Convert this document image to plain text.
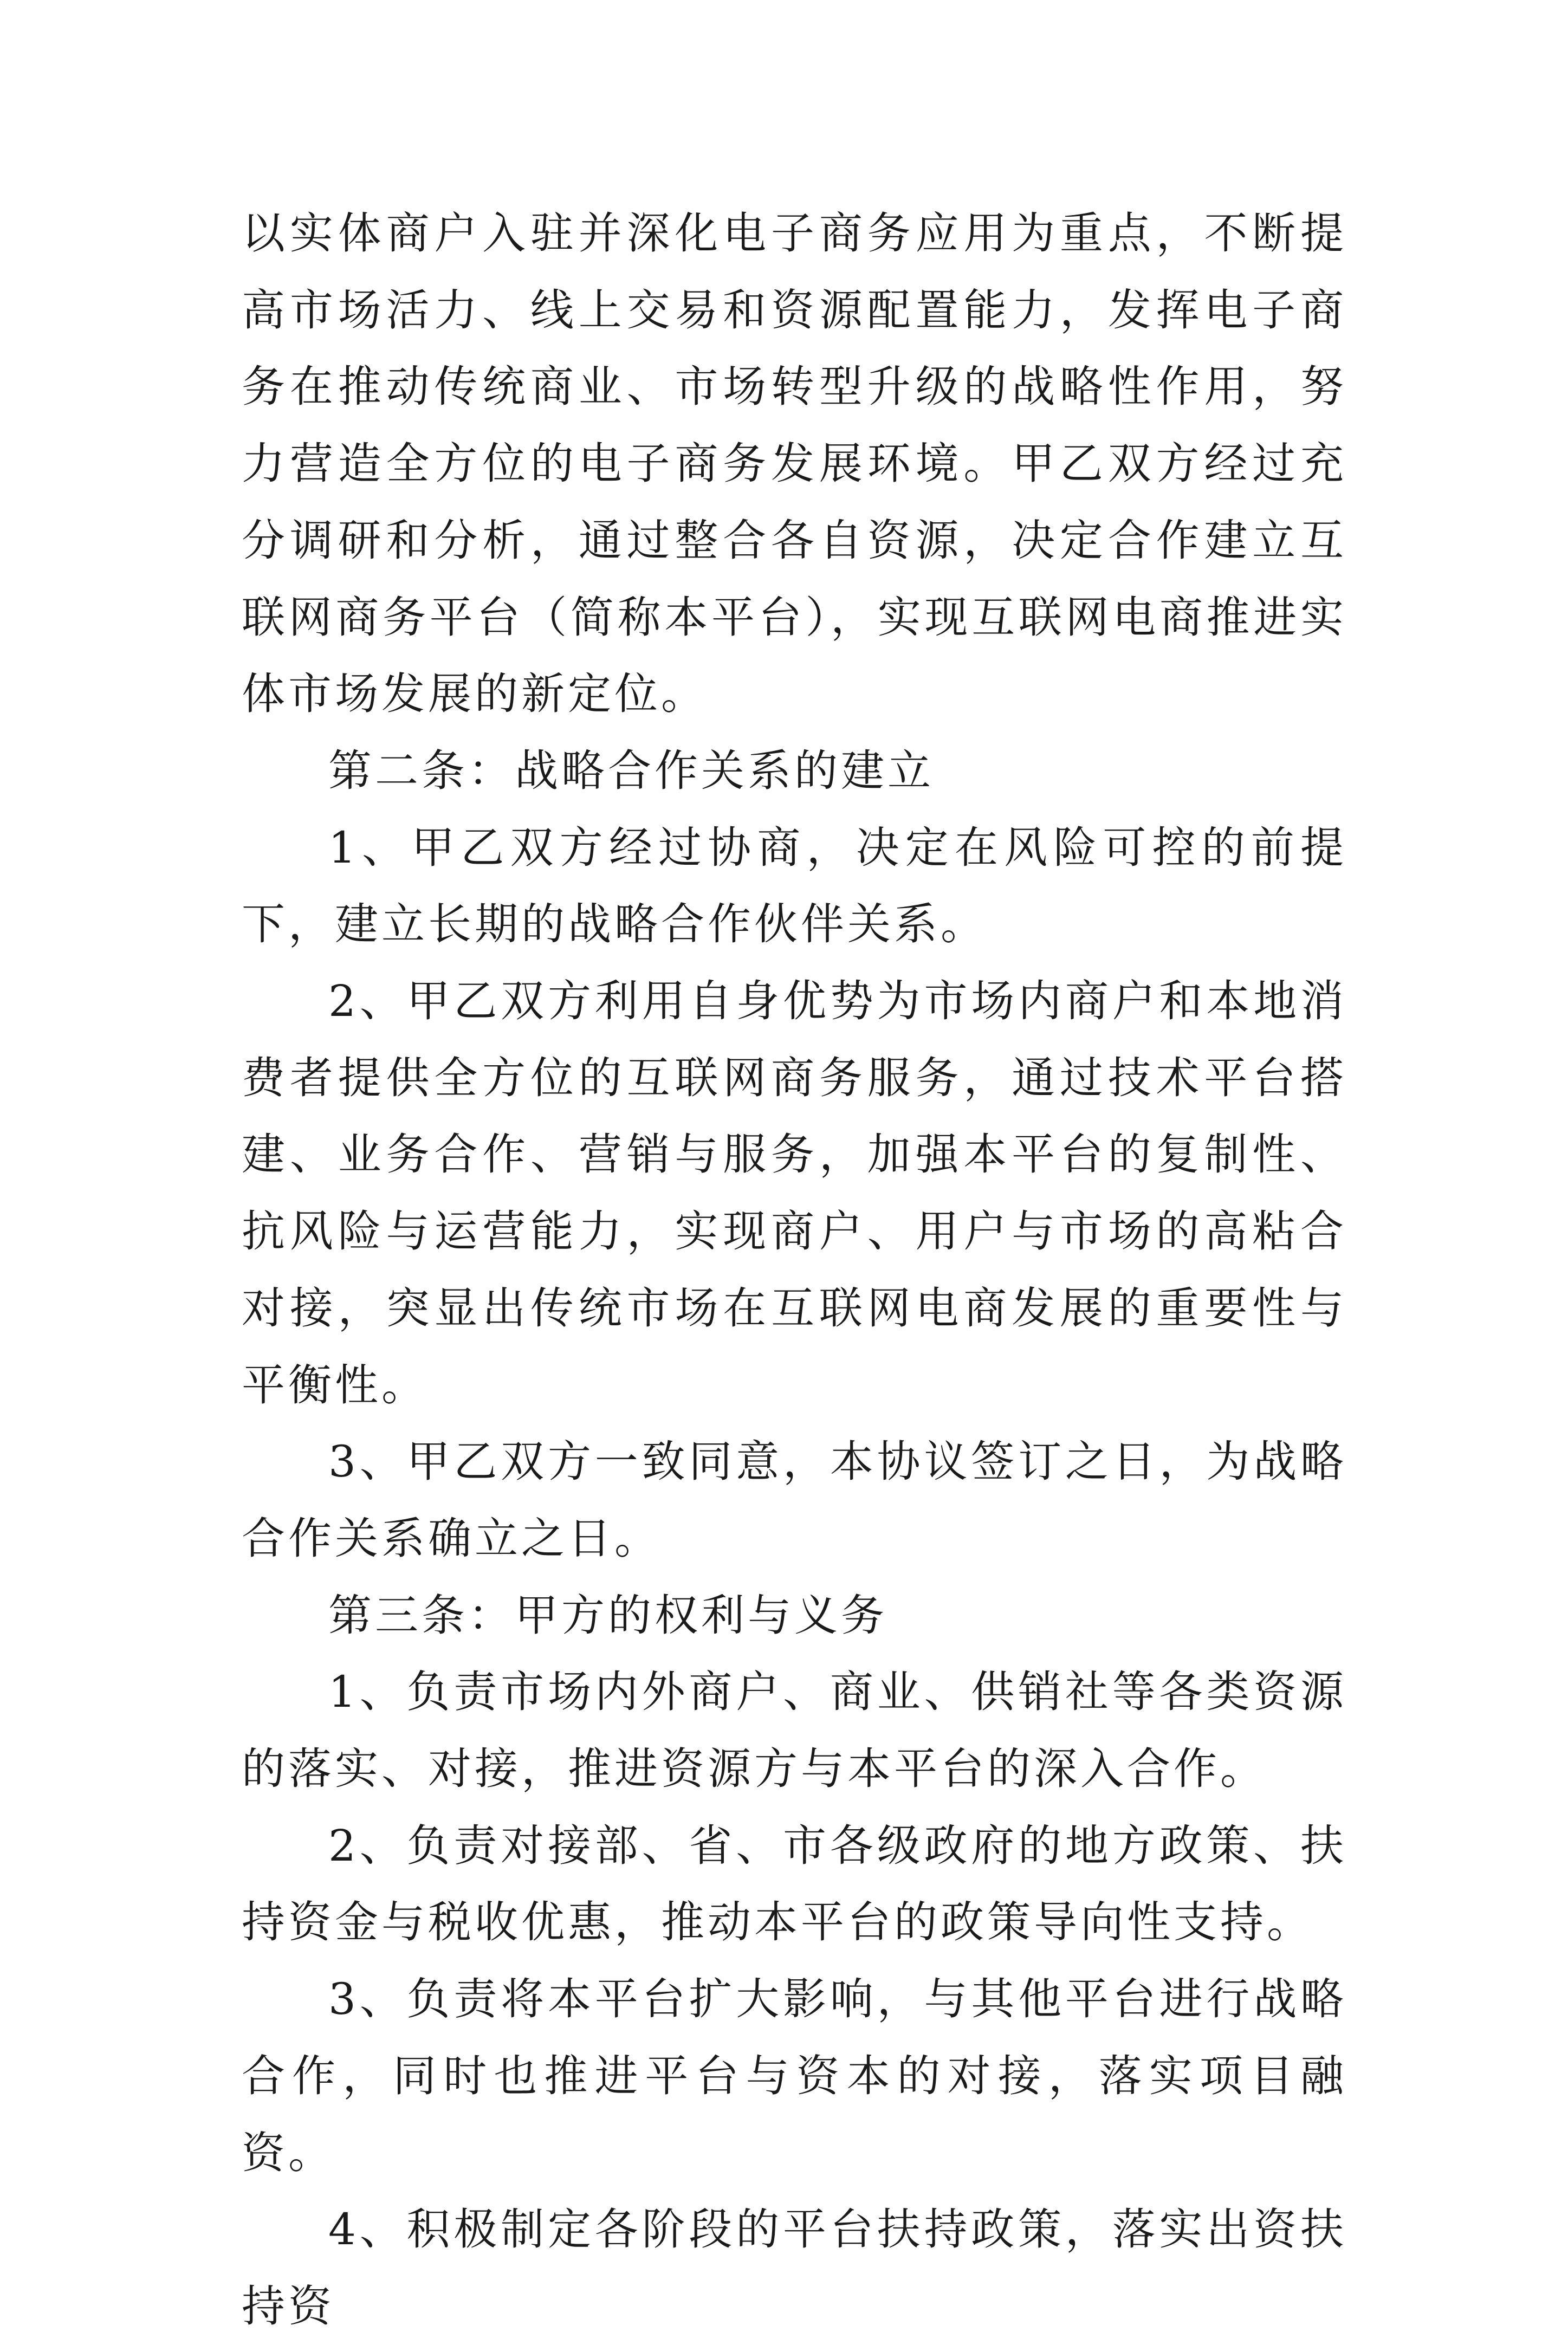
以实体商户入驻并深化电子商务应用为重点，不断提高市场活力、线上交易和资源配置能力，发挥电子商务在推动传统商业、市场转型升级的战略性作用，努力营造全方位的电子商务发展环境。甲乙双方经过充分调研和分析，通过整合各自资源，决定合作建立互联网商务平台（简称本平台），实现互联网电商推进实体市场发展的新定位。

第二条：战略合作关系的建立

1、甲乙双方经过协商，决定在风险可控的前提下，建立长期的战略合作伙伴关系。

2、甲乙双方利用自身优势为市场内商户和本地消费者提供全方位的互联网商务服务，通过技术平台搭建、业务合作、营销与服务，加强本平台的复制性、抗风险与运营能力，实现商户、用户与市场的高粘合对接，突显出传统市场在互联网电商发展的重要性与平衡性。

3、甲乙双方一致同意，本协议签订之日，为战略合作关系确立之日。

第三条：甲方的权利与义务

1、负责市场内外商户、商业、供销社等各类资源的落实、对接，推进资源方与本平台的深入合作。

2、负责对接部、省、市各级政府的地方政策、扶持资金与税收优惠，推动本平台的政策导向性支持。

3、负责将本平台扩大影响，与其他平台进行战略合作，同时也推进平台与资本的对接，落实项目融资。

4、积极制定各阶段的平台扶持政策，落实出资扶持资
